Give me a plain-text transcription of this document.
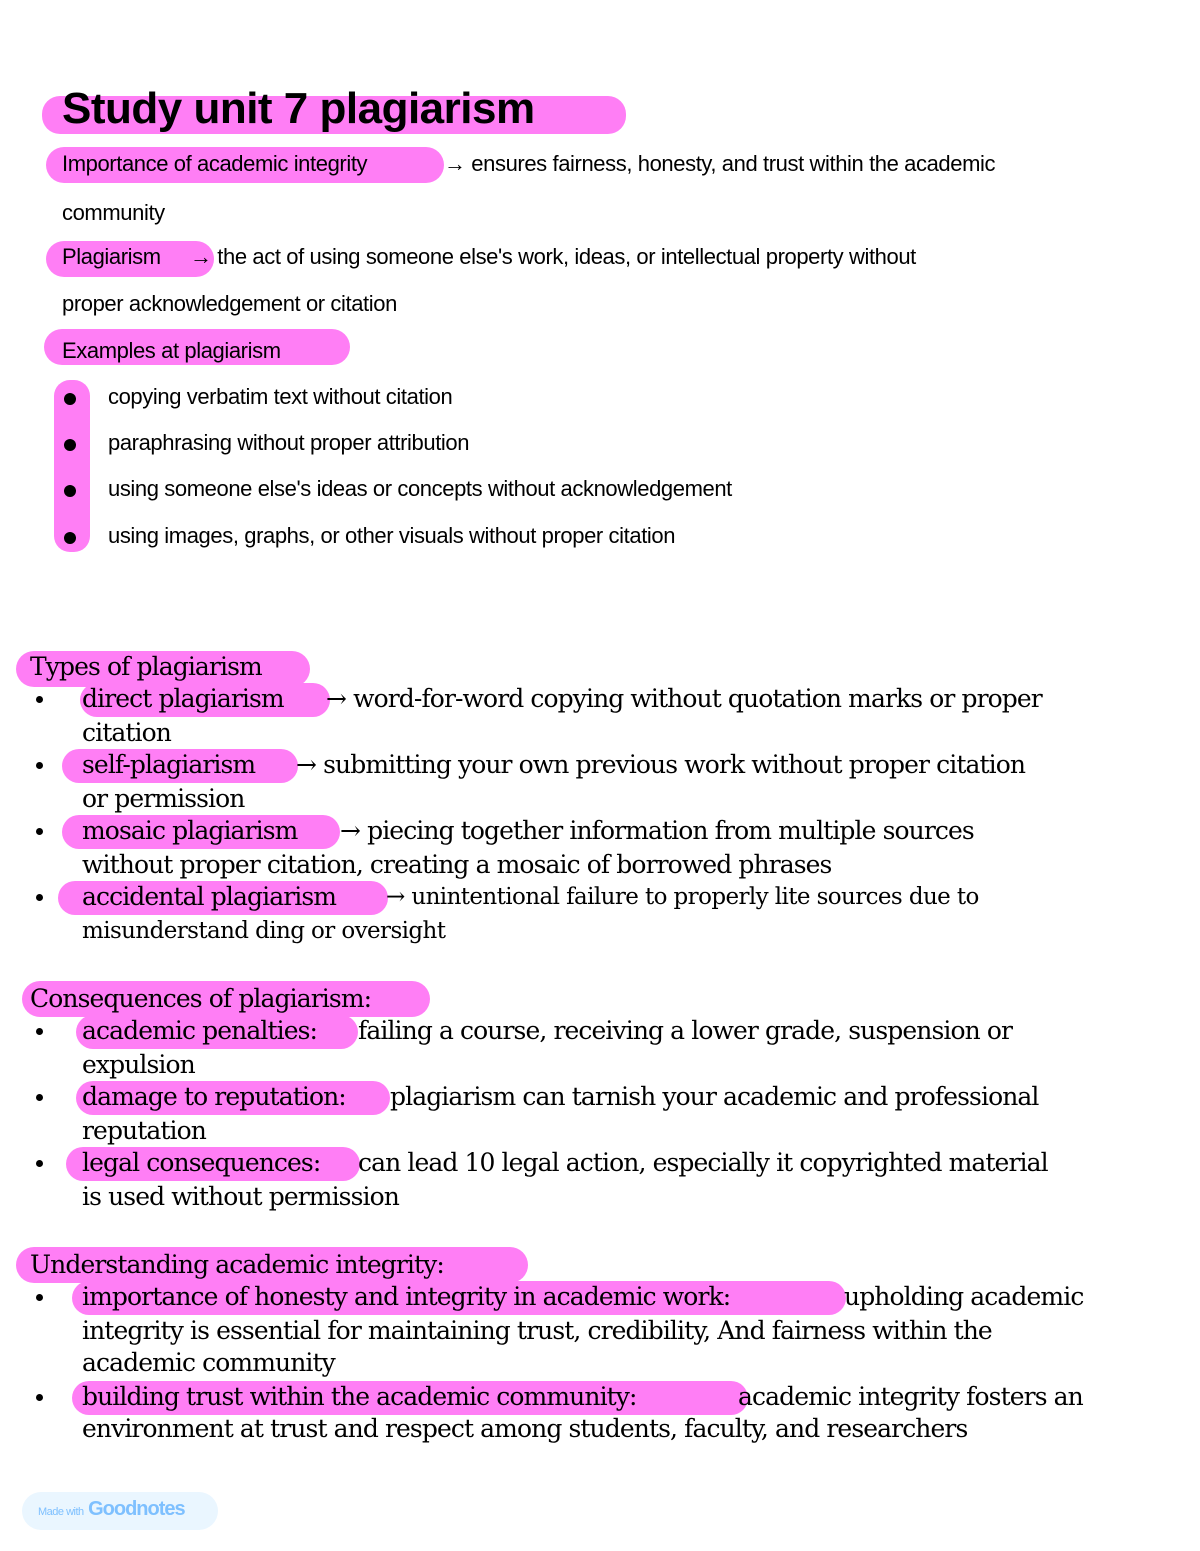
Study unit 7 plagiarism
Importance of academic integrity	→ ensures fairness, honesty, and trust within the academic
community
Plagiarism → the act of using someone else's work, ideas, or intellectual property without
proper acknowledgement or citation
Examples at plagiarism
copying verbatim text without citation
paraphrasing without proper attribution
using someone else's ideas or concepts without acknowledgement
using images, graphs, or other visuals without proper citation
Types of plagiarism
direct plagiarism → word-for-word copying without quotation marks or proper
citation
self-plagiarism → submitting your own previous work without proper citation
or permission
mosaic plagiarism → piecing together information from multiple sources
without proper citation, creating a mosaic of borrowed phrases
accidental plagiarism → unintentional failure to properly lite sources due to
misunderstand ding or oversight
Consequences of plagiarism:
academic penalties: failing a course, receiving a lower grade, suspension or
expulsion
damage to reputation: plagiarism can tarnish your academic and professional
reputation
legal consequences: can lead 10 legal action, especially it copyrighted material
is used without permission
Understanding academic integrity:
importance of honesty and integrity in academic work:	upholding academic
integrity is essential for maintaining trust, credibility, And fairness within the
academic community
building trust within the academic community:	academic integrity fosters an
environment at trust and respect among students, faculty, and researchers
Made with Goodnotes
